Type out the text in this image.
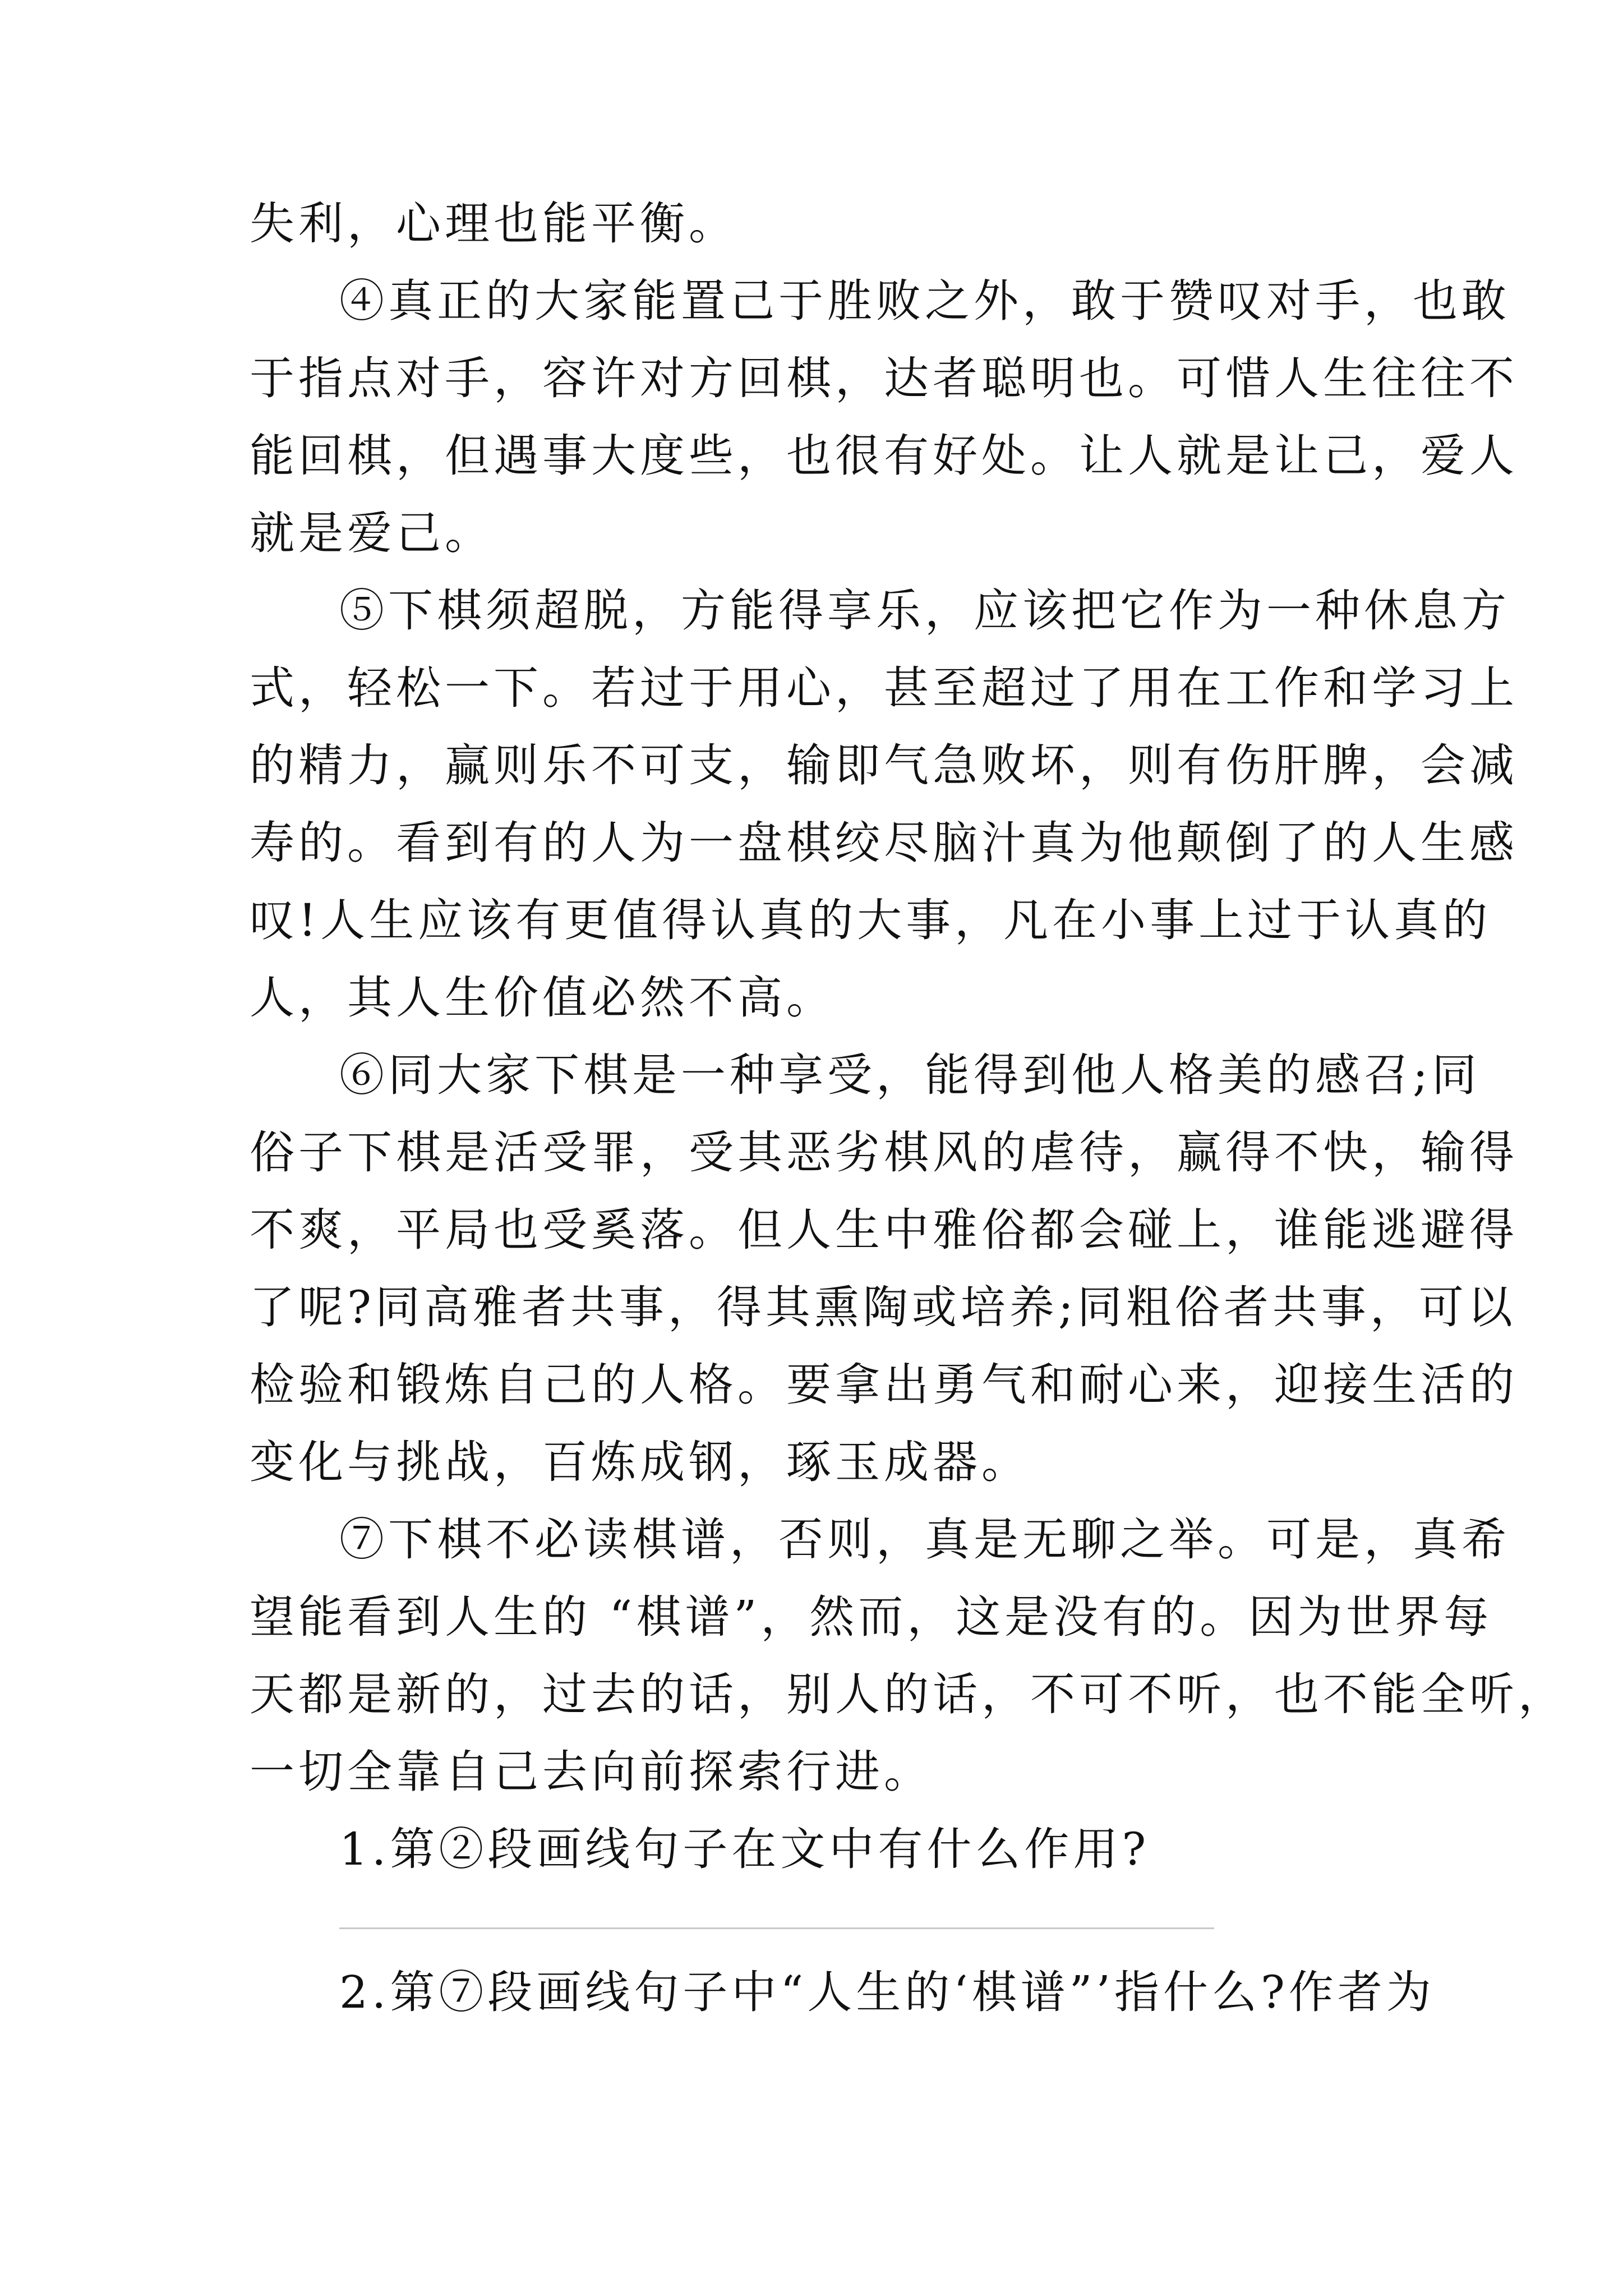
失利，心理也能平衡。
④真正的大家能置己于胜败之外，敢于赞叹对手，也敢
于指点对手，容许对方回棋，达者聪明也。可惜人生往往不
能回棋，但遇事大度些，也很有好处。让人就是让己，爱人
就是爱己。
⑤下棋须超脱，方能得享乐，应该把它作为一种休息方
式，轻松一下。若过于用心，甚至超过了用在工作和学习上
的精力，赢则乐不可支，输即气急败坏，则有伤肝脾，会减
寿的。看到有的人为一盘棋绞尽脑汁真为他颠倒了的人生感
叹!人生应该有更值得认真的大事，凡在小事上过于认真的
人，其人生价值必然不高。
⑥同大家下棋是一种享受，能得到他人格美的感召;同
俗子下棋是活受罪，受其恶劣棋风的虐待，赢得不快，输得
不爽，平局也受奚落。但人生中雅俗都会碰上，谁能逃避得
了呢?同高雅者共事，得其熏陶或培养;同粗俗者共事，可以
检验和锻炼自己的人格。要拿出勇气和耐心来，迎接生活的
变化与挑战，百炼成钢，琢玉成器。
⑦下棋不必读棋谱，否则，真是无聊之举。可是，真希
望能看到人生的 “棋谱”，然而，这是没有的。因为世界每
天都是新的，过去的话，别人的话，不可不听，也不能全听，
一切全靠自己去向前探索行进。
1.第②段画线句子在文中有什么作用?
2.第⑦段画线句子中“人生的‘棋谱”’指什么?作者为
